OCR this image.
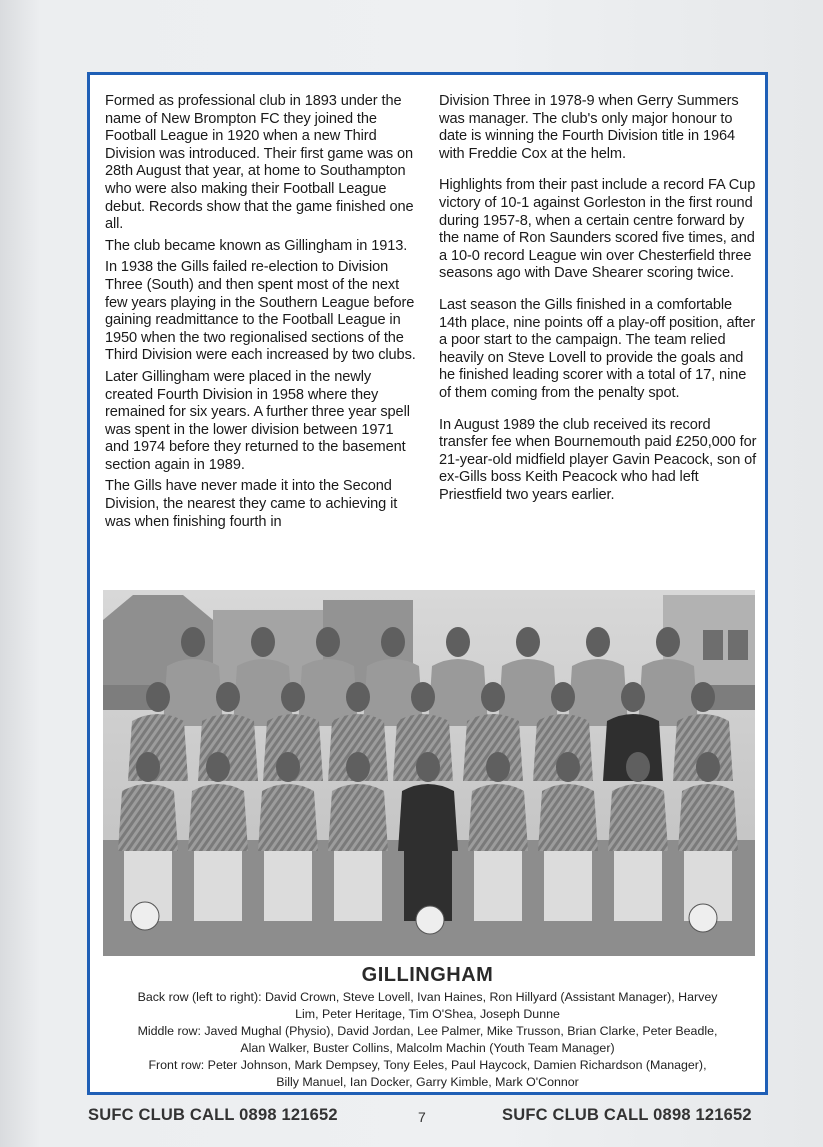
Formed as professional club in 1893 under the name of New Brompton FC they joined the Football League in 1920 when a new Third Division was introduced. Their first game was on 28th August that year, at home to Southampton who were also making their Football League debut. Records show that the game finished one all.

The club became known as Gillingham in 1913.

In 1938 the Gills failed re-election to Division Three (South) and then spent most of the next few years playing in the Southern League before gaining readmittance to the Football League in 1950 when the two regionalised sections of the Third Division were each increased by two clubs.

Later Gillingham were placed in the newly created Fourth Division in 1958 where they remained for six years. A further three year spell was spent in the lower division between 1971 and 1974 before they returned to the basement section again in 1989.

The Gills have never made it into the Second Division, the nearest they came to achieving it was when finishing fourth in

Division Three in 1978-9 when Gerry Summers was manager. The club's only major honour to date is winning the Fourth Division title in 1964 with Freddie Cox at the helm.

Highlights from their past include a record FA Cup victory of 10-1 against Gorleston in the first round during 1957-8, when a certain centre forward by the name of Ron Saunders scored five times, and a 10-0 record League win over Chesterfield three seasons ago with Dave Shearer scoring twice.

Last season the Gills finished in a comfortable 14th place, nine points off a play-off position, after a poor start to the campaign. The team relied heavily on Steve Lovell to provide the goals and he finished leading scorer with a total of 17, nine of them coming from the penalty spot.

In August 1989 the club received its record transfer fee when Bournemouth paid £250,000 for 21-year-old midfield player Gavin Peacock, son of ex-Gills boss Keith Peacock who had left Priestfield two years earlier.

GILLINGHAM
Back row (left to right): David Crown, Steve Lovell, Ivan Haines, Ron Hillyard (Assistant Manager), Harvey
Lim, Peter Heritage, Tim O'Shea, Joseph Dunne
Middle row: Javed Mughal (Physio), David Jordan, Lee Palmer, Mike Trusson, Brian Clarke, Peter Beadle,
Alan Walker, Buster Collins, Malcolm Machin (Youth Team Manager)
Front row: Peter Johnson, Mark Dempsey, Tony Eeles, Paul Haycock, Damien Richardson (Manager),
Billy Manuel, Ian Docker, Garry Kimble, Mark O'Connor
SUFC CLUB CALL 0898 121652	7	SUFC CLUB CALL 0898 121652
